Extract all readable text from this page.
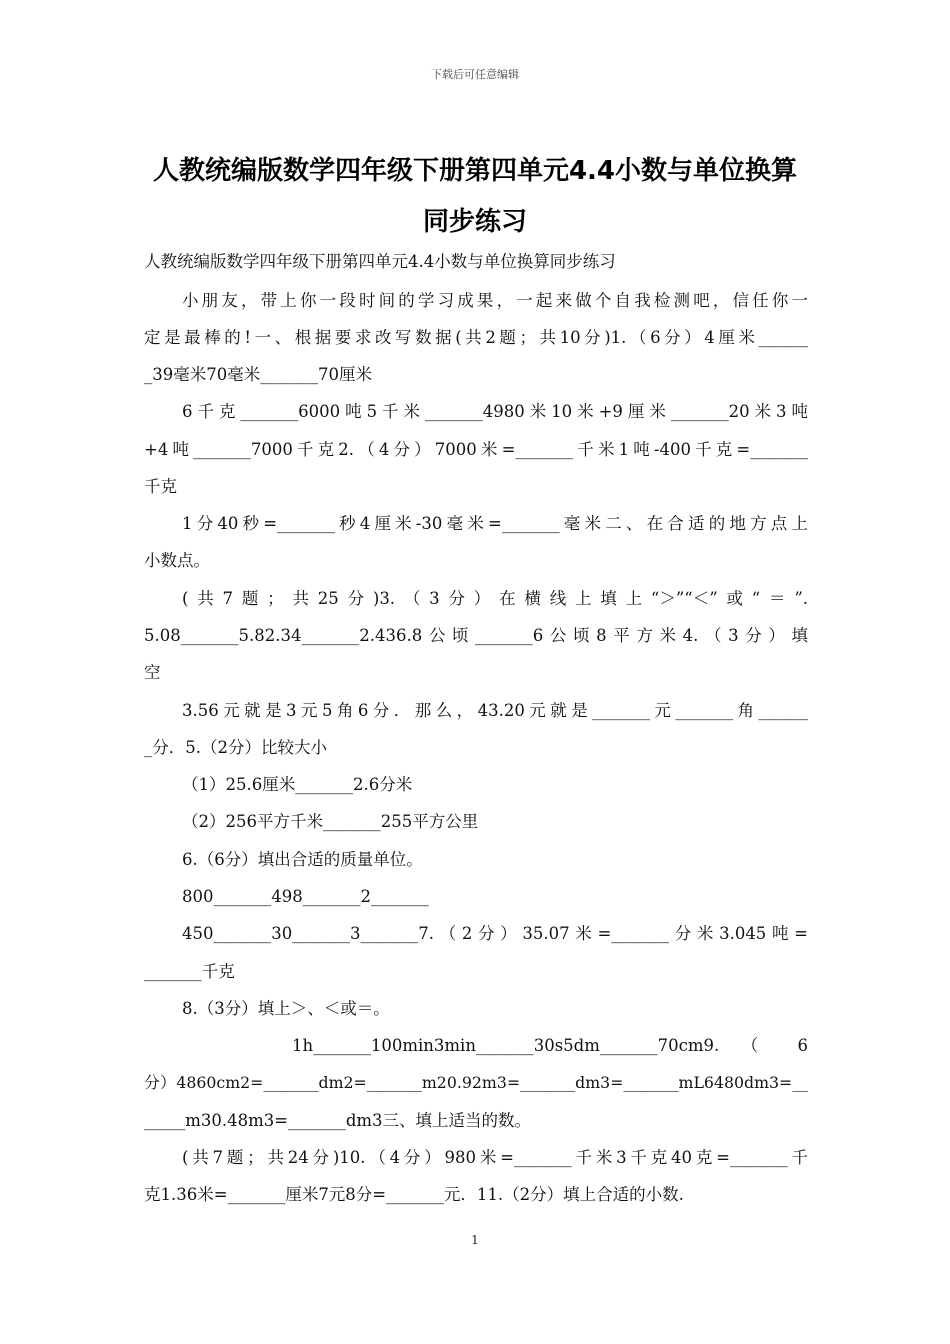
下载后可任意编辑
人教统编版数学四年级下册第四单元4.4小数与单位换算
同步练习
人教统编版数学四年级下册第四单元4.4小数与单位换算同步练习
小朋友，带上你一段时间的学习成果，一起来做个自我检测吧，信任你一
定是最棒的!一、根据要求改写数据(共2题；共10分)1.（6分）4厘米______
_39毫米70毫米_______70厘米
6千克_______6000吨5千米_______4980米10米+9厘米_______20米3吨
+4吨_______7000千克2.（4分）7000米=_______千米1吨-400千克=_______
千克
1分40秒=_______秒4厘米-30毫米=_______毫米二、在合适的地方点上
小数点。
(共7题；共25分)3.（3分）在横线上填上“＞”“＜”或“＝”.
5.08_______5.82.34_______2.436.8公顷_______6公顷8平方米4.（3分）填
空
3.56元就是3元5角6分．那么，43.20元就是_______元_______角______
_分．5.（2分）比较大小
（1）25.6厘米_______2.6分米
（2）256平方千米_______255平方公里
6.（6分）填出合适的质量单位。
800_______498_______2_______
450_______30_______3_______7.（2分）35.07米=_______分米3.045吨=
_______千克
8.（3分）填上＞、＜或＝。
1h_______100min3min_______30s5dm_______70cm9. （ 6
分）4860cm2=_______dm2=_______m20.92m3=_______dm3=_______mL6480dm3=__
_____m30.48m3=_______dm3三、填上适当的数。
(共7题；共24分)10.（4分）980米=_______千米3千克40克=_______千
克1.36米=_______厘米7元8分=_______元．11.（2分）填上合适的小数.
1
